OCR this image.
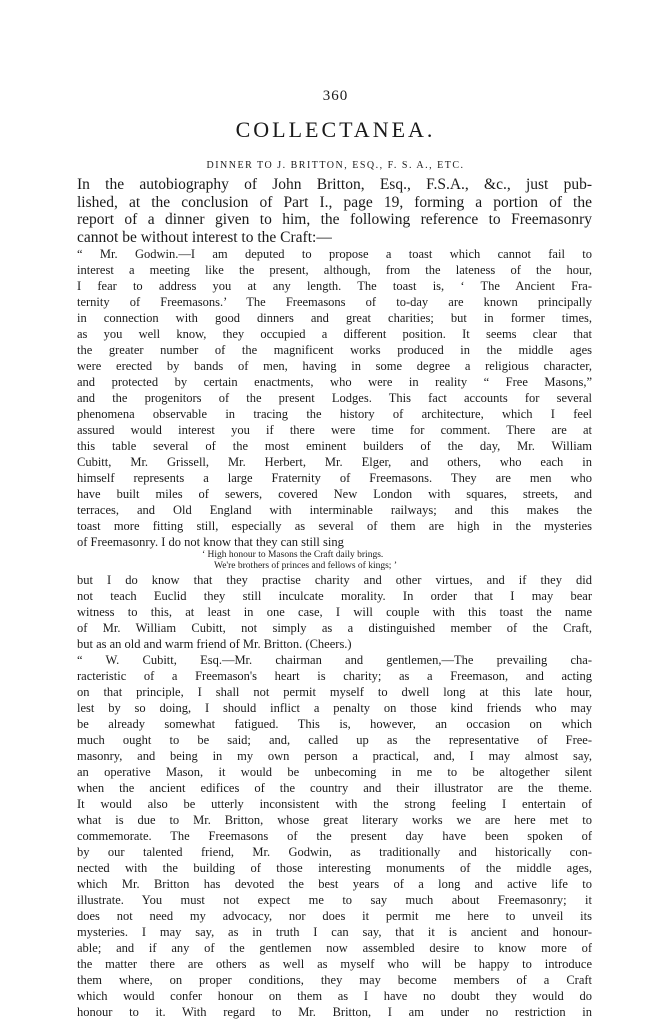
360
COLLECTANEA.
DINNER TO J. BRITTON, ESQ., F. S. A., ETC.
In the autobiography of John Britton, Esq., F.S.A., &c., just pub-
lished, at the conclusion of Part I., page 19, forming a portion of the
report of a dinner given to him, the following reference to Freemasonry
cannot be without interest to the Craft:—
“ Mr. Godwin.—I am deputed to propose a toast which cannot fail to
interest a meeting like the present, although, from the lateness of the hour,
I fear to address you at any length. The toast is, ‘ The Ancient Fra-
ternity of Freemasons.’ The Freemasons of to-day are known principally
in connection with good dinners and great charities; but in former times,
as you well know, they occupied a different position. It seems clear that
the greater number of the magnificent works produced in the middle ages
were erected by bands of men, having in some degree a religious character,
and protected by certain enactments, who were in reality “ Free Masons,”
and the progenitors of the present Lodges. This fact accounts for several
phenomena observable in tracing the history of architecture, which I feel
assured would interest you if there were time for comment. There are at
this table several of the most eminent builders of the day, Mr. William
Cubitt, Mr. Grissell, Mr. Herbert, Mr. Elger, and others, who each in
himself represents a large Fraternity of Freemasons. They are men who
have built miles of sewers, covered New London with squares, streets, and
terraces, and Old England with interminable railways; and this makes the
toast more fitting still, especially as several of them are high in the mysteries
of Freemasonry. I do not know that they can still sing
‘ High honour to Masons the Craft daily brings.
We're brothers of princes and fellows of kings; ’
but I do know that they practise charity and other virtues, and if they did
not teach Euclid they still inculcate morality. In order that I may bear
witness to this, at least in one case, I will couple with this toast the name
of Mr. William Cubitt, not simply as a distinguished member of the Craft,
but as an old and warm friend of Mr. Britton. (Cheers.)
“ W. Cubitt, Esq.—Mr. chairman and gentlemen,—The prevailing cha-
racteristic of a Freemason's heart is charity; as a Freemason, and acting
on that principle, I shall not permit myself to dwell long at this late hour,
lest by so doing, I should inflict a penalty on those kind friends who may
be already somewhat fatigued. This is, however, an occasion on which
much ought to be said; and, called up as the representative of Free-
masonry, and being in my own person a practical, and, I may almost say,
an operative Mason, it would be unbecoming in me to be altogether silent
when the ancient edifices of the country and their illustrator are the theme.
It would also be utterly inconsistent with the strong feeling I entertain of
what is due to Mr. Britton, whose great literary works we are here met to
commemorate. The Freemasons of the present day have been spoken of
by our talented friend, Mr. Godwin, as traditionally and historically con-
nected with the building of those interesting monuments of the middle ages,
which Mr. Britton has devoted the best years of a long and active life to
illustrate. You must not expect me to say much about Freemasonry; it
does not need my advocacy, nor does it permit me here to unveil its
mysteries. I may say, as in truth I can say, that it is ancient and honour-
able; and if any of the gentlemen now assembled desire to know more of
the matter there are others as well as myself who will be happy to introduce
them where, on proper conditions, they may become members of a Craft
which would confer honour on them as I have no doubt they would do
honour to it. With regard to Mr. Britton, I am under no restriction in
